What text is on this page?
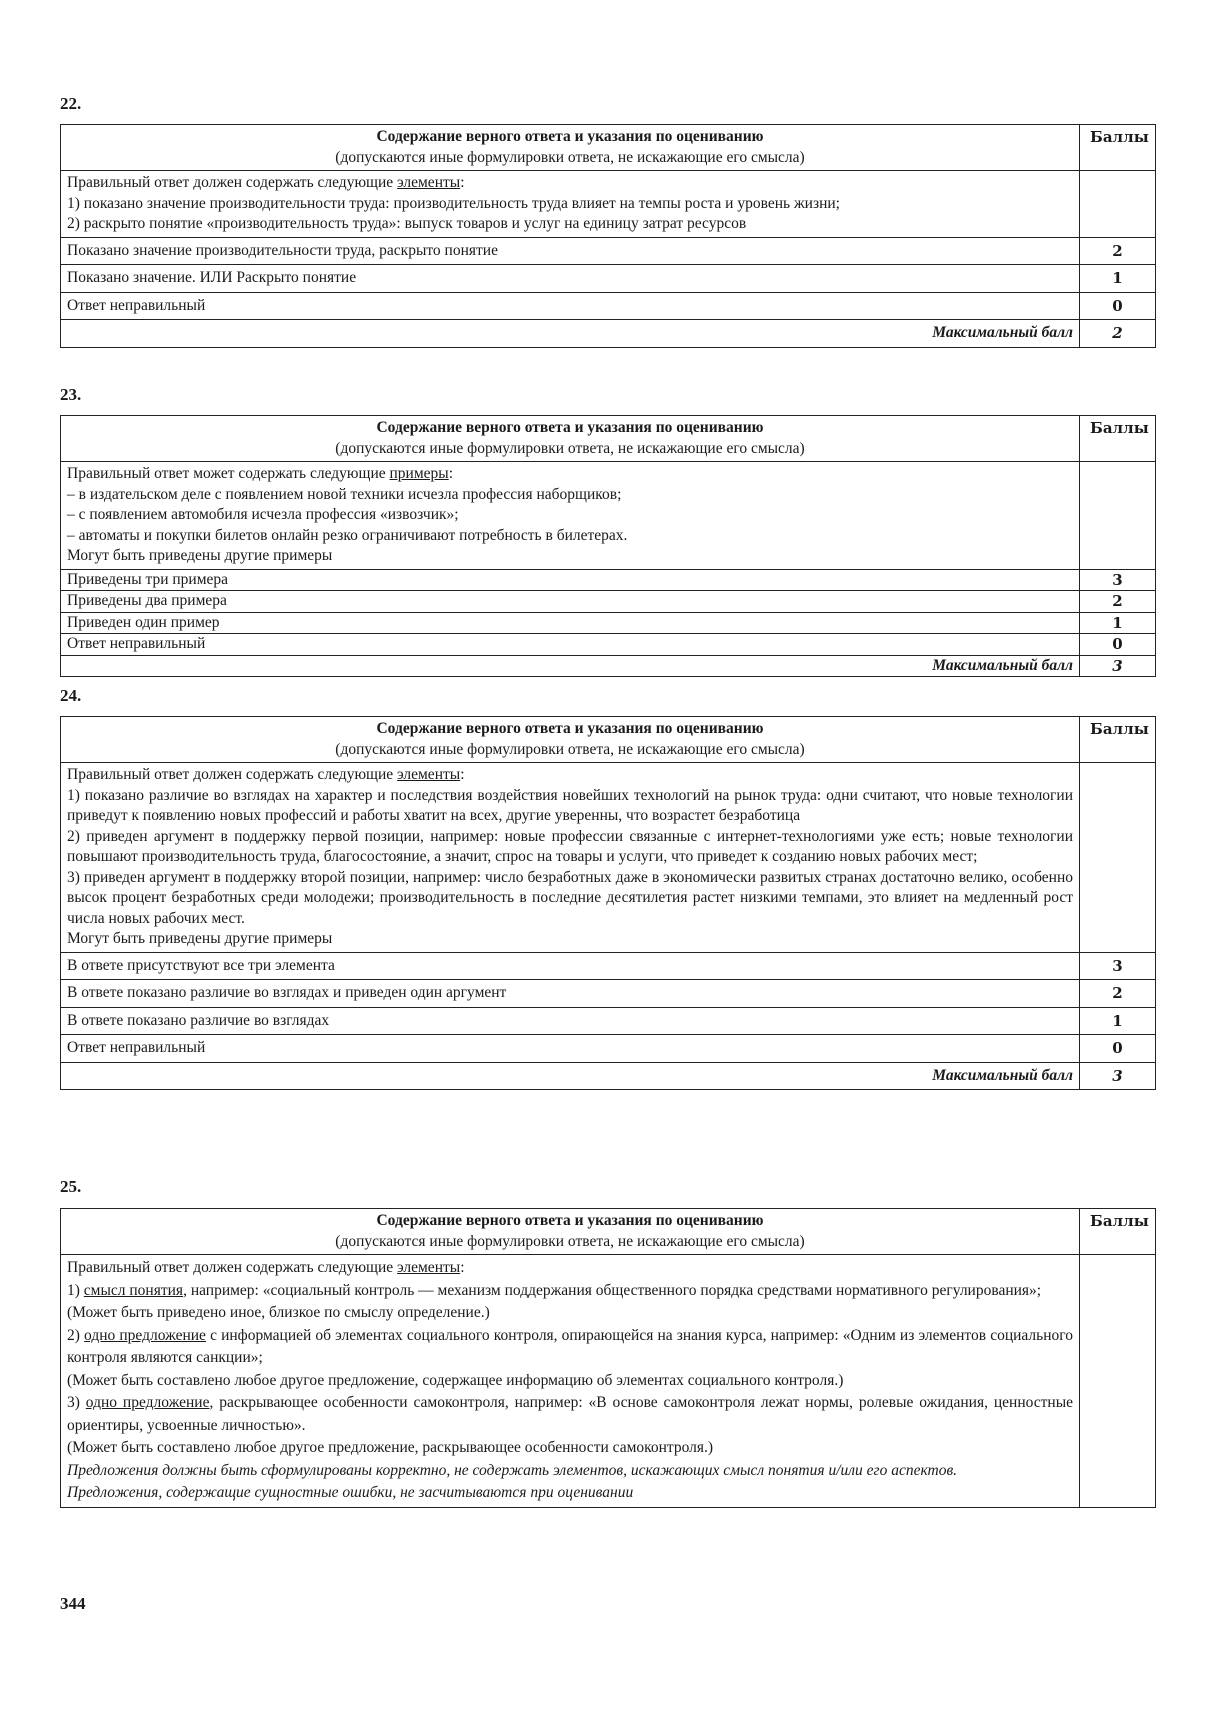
22.
Содержание верного ответа и указания по оцениванию
(допускаются иные формулировки ответа, не искажающие его смысла)	Баллы

Правильный ответ должен содержать следующие элементы:

1) показано значение производительности труда: производительность труда влияет на темпы роста и уровень жизни;

2) раскрыто понятие «производительность труда»: выпуск товаров и услуг на единицу затрат ресурсов	

Показано значение производительности труда, раскрыто понятие	2
Показано значение. ИЛИ Раскрыто понятие	1
Ответ неправильный	0
Максимальный балл	2
23.
Содержание верного ответа и указания по оцениванию
(допускаются иные формулировки ответа, не искажающие его смысла)	Баллы

Правильный ответ может содержать следующие примеры:

– в издательском деле с появлением новой техники исчезла профессия наборщиков;

– с появлением автомобиля исчезла профессия «извозчик»;

– автоматы и покупки билетов онлайн резко ограничивают потребность в билетерах.

Могут быть приведены другие примеры	

Приведены три примера	3
Приведены два примера	2
Приведен один пример	1
Ответ неправильный	0
Максимальный балл	3
24.
Содержание верного ответа и указания по оцениванию
(допускаются иные формулировки ответа, не искажающие его смысла)	Баллы

Правильный ответ должен содержать следующие элементы:

1) показано различие во взглядах на характер и последствия воздействия новейших технологий на рынок труда: одни считают, что новые технологии приведут к появлению новых профессий и работы хватит на всех, другие уверенны, что возрастет безработица

2) приведен аргумент в поддержку первой позиции, например: новые профессии связанные с интернет-технологиями уже есть; новые технологии повышают производительность труда, благосостояние, а значит, спрос на товары и услуги, что приведет к созданию новых рабочих мест;

3) приведен аргумент в поддержку второй позиции, например: число безработных даже в экономически развитых странах достаточно велико, особенно высок процент безработных среди молодежи; производительность в последние десятилетия растет низкими темпами, это влияет на медленный рост числа новых рабочих мест.

Могут быть приведены другие примеры	

В ответе присутствуют все три элемента	3
В ответе показано различие во взглядах и приведен один аргумент	2
В ответе показано различие во взглядах	1
Ответ неправильный	0
Максимальный балл	3
25.
Содержание верного ответа и указания по оцениванию
(допускаются иные формулировки ответа, не искажающие его смысла)	Баллы

Правильный ответ должен содержать следующие элементы:

1) смысл понятия, например: «социальный контроль — механизм поддержания общественного порядка средствами нормативного регулирования»;

(Может быть приведено иное, близкое по смыслу определение.)

2) одно предложение с информацией об элементах социального контроля, опирающейся на знания курса, например: «Одним из элементов социального контроля являются санкции»;

(Может быть составлено любое другое предложение, содержащее информацию об элементах социального контроля.)

3) одно предложение, раскрывающее особенности самоконтроля, например: «В основе самоконтроля лежат нормы, ролевые ожидания, ценностные ориентиры, усвоенные личностью».

(Может быть составлено любое другое предложение, раскрывающее особенности самоконтроля.)

Предложения должны быть сформулированы корректно, не содержать элементов, искажающих смысл понятия и/или его аспектов.

Предложения, содержащие сущностные ошибки, не засчитываются при оценивании

344
